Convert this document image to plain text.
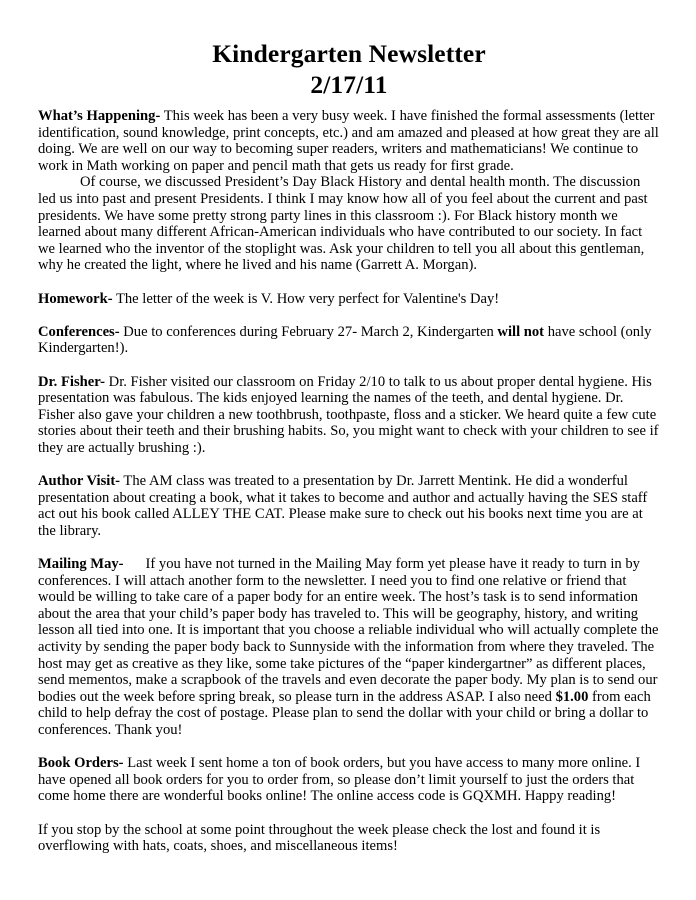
Kindergarten Newsletter
2/17/11

What’s Happening- This week has been a very busy week. I have finished the formal assessments (letter identification, sound knowledge, print concepts, etc.) and am amazed and pleased at how great they are all doing. We are well on our way to becoming super readers, writers and mathematicians! We continue to work in Math working on paper and pencil math that gets us ready for first grade.

Of course, we discussed President’s Day Black History and dental health month. The discussion led us into past and present Presidents. I think I may know how all of you feel about the current and past presidents. We have some pretty strong party lines in this classroom :). For Black history month we learned about many different African-American individuals who have contributed to our society. In fact we learned who the inventor of the stoplight was. Ask your children to tell you all about this gentleman, why he created the light, where he lived and his name (Garrett A. Morgan).

Homework- The letter of the week is V. How very perfect for Valentine's Day!

Conferences- Due to conferences during February 27- March 2, Kindergarten will not have school (only Kindergarten!).

Dr. Fisher- Dr. Fisher visited our classroom on Friday 2/10 to talk to us about proper dental hygiene. His presentation was fabulous. The kids enjoyed learning the names of the teeth, and dental hygiene. Dr. Fisher also gave your children a new toothbrush, toothpaste, floss and a sticker. We heard quite a few cute stories about their teeth and their brushing habits. So, you might want to check with your children to see if they are actually brushing :).

Author Visit- The AM class was treated to a presentation by Dr. Jarrett Mentink. He did a wonderful presentation about creating a book, what it takes to become and author and actually having the SES staff act out his book called ALLEY THE CAT. Please make sure to check out his books next time you are at the library.

Mailing May- If you have not turned in the Mailing May form yet please have it ready to turn in by conferences. I will attach another form to the newsletter. I need you to find one relative or friend that would be willing to take care of a paper body for an entire week. The host’s task is to send information about the area that your child’s paper body has traveled to. This will be geography, history, and writing lesson all tied into one. It is important that you choose a reliable individual who will actually complete the activity by sending the paper body back to Sunnyside with the information from where they traveled. The host may get as creative as they like, some take pictures of the “paper kindergartner” as different places, send mementos, make a scrapbook of the travels and even decorate the paper body. My plan is to send our bodies out the week before spring break, so please turn in the address ASAP. I also need $1.00 from each child to help defray the cost of postage. Please plan to send the dollar with your child or bring a dollar to conferences. Thank you!

Book Orders- Last week I sent home a ton of book orders, but you have access to many more online. I have opened all book orders for you to order from, so please don’t limit yourself to just the orders that come home there are wonderful books online! The online access code is GQXMH. Happy reading!

If you stop by the school at some point throughout the week please check the lost and found it is overflowing with hats, coats, shoes, and miscellaneous items!
